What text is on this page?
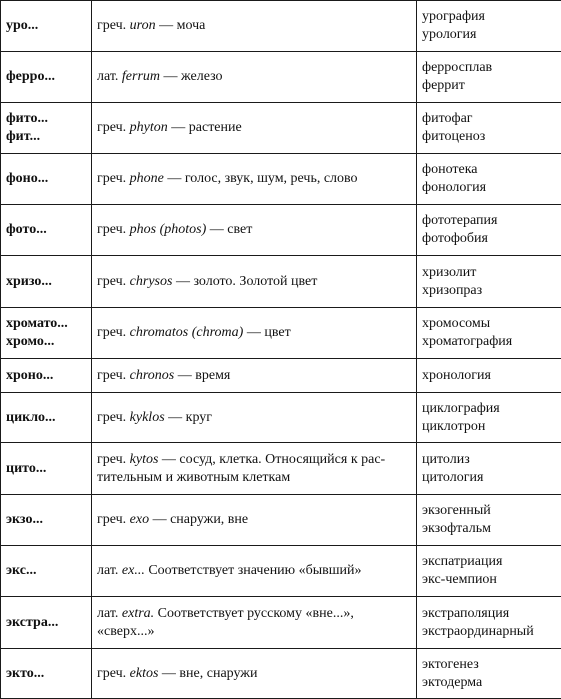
уро...	греч. uron — моча	урография
урология

ферро...	лат. ferrum — железо	ферросплав
феррит

фито...
фит...	греч. phyton — растение	фитофаг
фитоценоз

фоно...	греч. phone — голос, звук, шум, речь, слово	фонотека
фонология

фото...	греч. phos (photos) — свет	фототерапия
фотофобия

хризо...	греч. chrysos — золото. Золотой цвет	хризолит
хризопраз

хромато...
хромо...	греч. chromatos (chroma) — цвет	хромосомы
хроматография

хроно...	греч. chronos — время	хронология

цикло...	греч. kyklos — круг	циклография
циклотрон

цито...	греч. kytos — сосуд, клетка. Относящийся к рас-тительным и животным клеткам	цитолиз
цитология

экзо...	греч. exo — снаружи, вне	экзогенный
экзофтальм

экс...	лат. ex... Соответствует значению «бывший»	экспатриация
экс-чемпион

экстра...	лат. extra. Соответствует русскому «вне...», «сверх...»	экстраполяция
экстраординарный

экто...	греч. ektos — вне, снаружи	эктогенез
эктодерма
